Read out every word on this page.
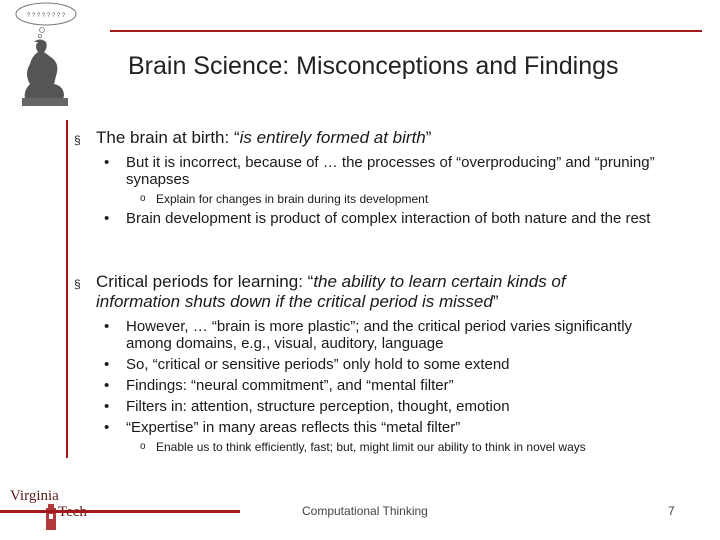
? ? ? ? ? ? ? ?
Brain Science: Misconceptions and Findings
§ The brain at birth: “is entirely formed at birth”
• But it is incorrect, because of … the processes of “overproducing” and “pruning” synapses
o Explain for changes in brain during its development
• Brain development is product of complex interaction of both nature and the rest
§ Critical periods for learning: “the ability to learn certain kinds of information shuts down if the critical period is missed”
• However, … “brain is more plastic”; and the critical period varies significantly among domains, e.g., visual, auditory, language
• So, “critical or sensitive periods” only hold to some extend
• Findings: “neural commitment”, and “mental filter”
• Filters in: attention, structure perception, thought, emotion
• “Expertise” in many areas reflects this “metal filter”
o Enable us to think efficiently, fast; but, might limit our ability to think in novel ways
Virginia
Computational Thinking	7
